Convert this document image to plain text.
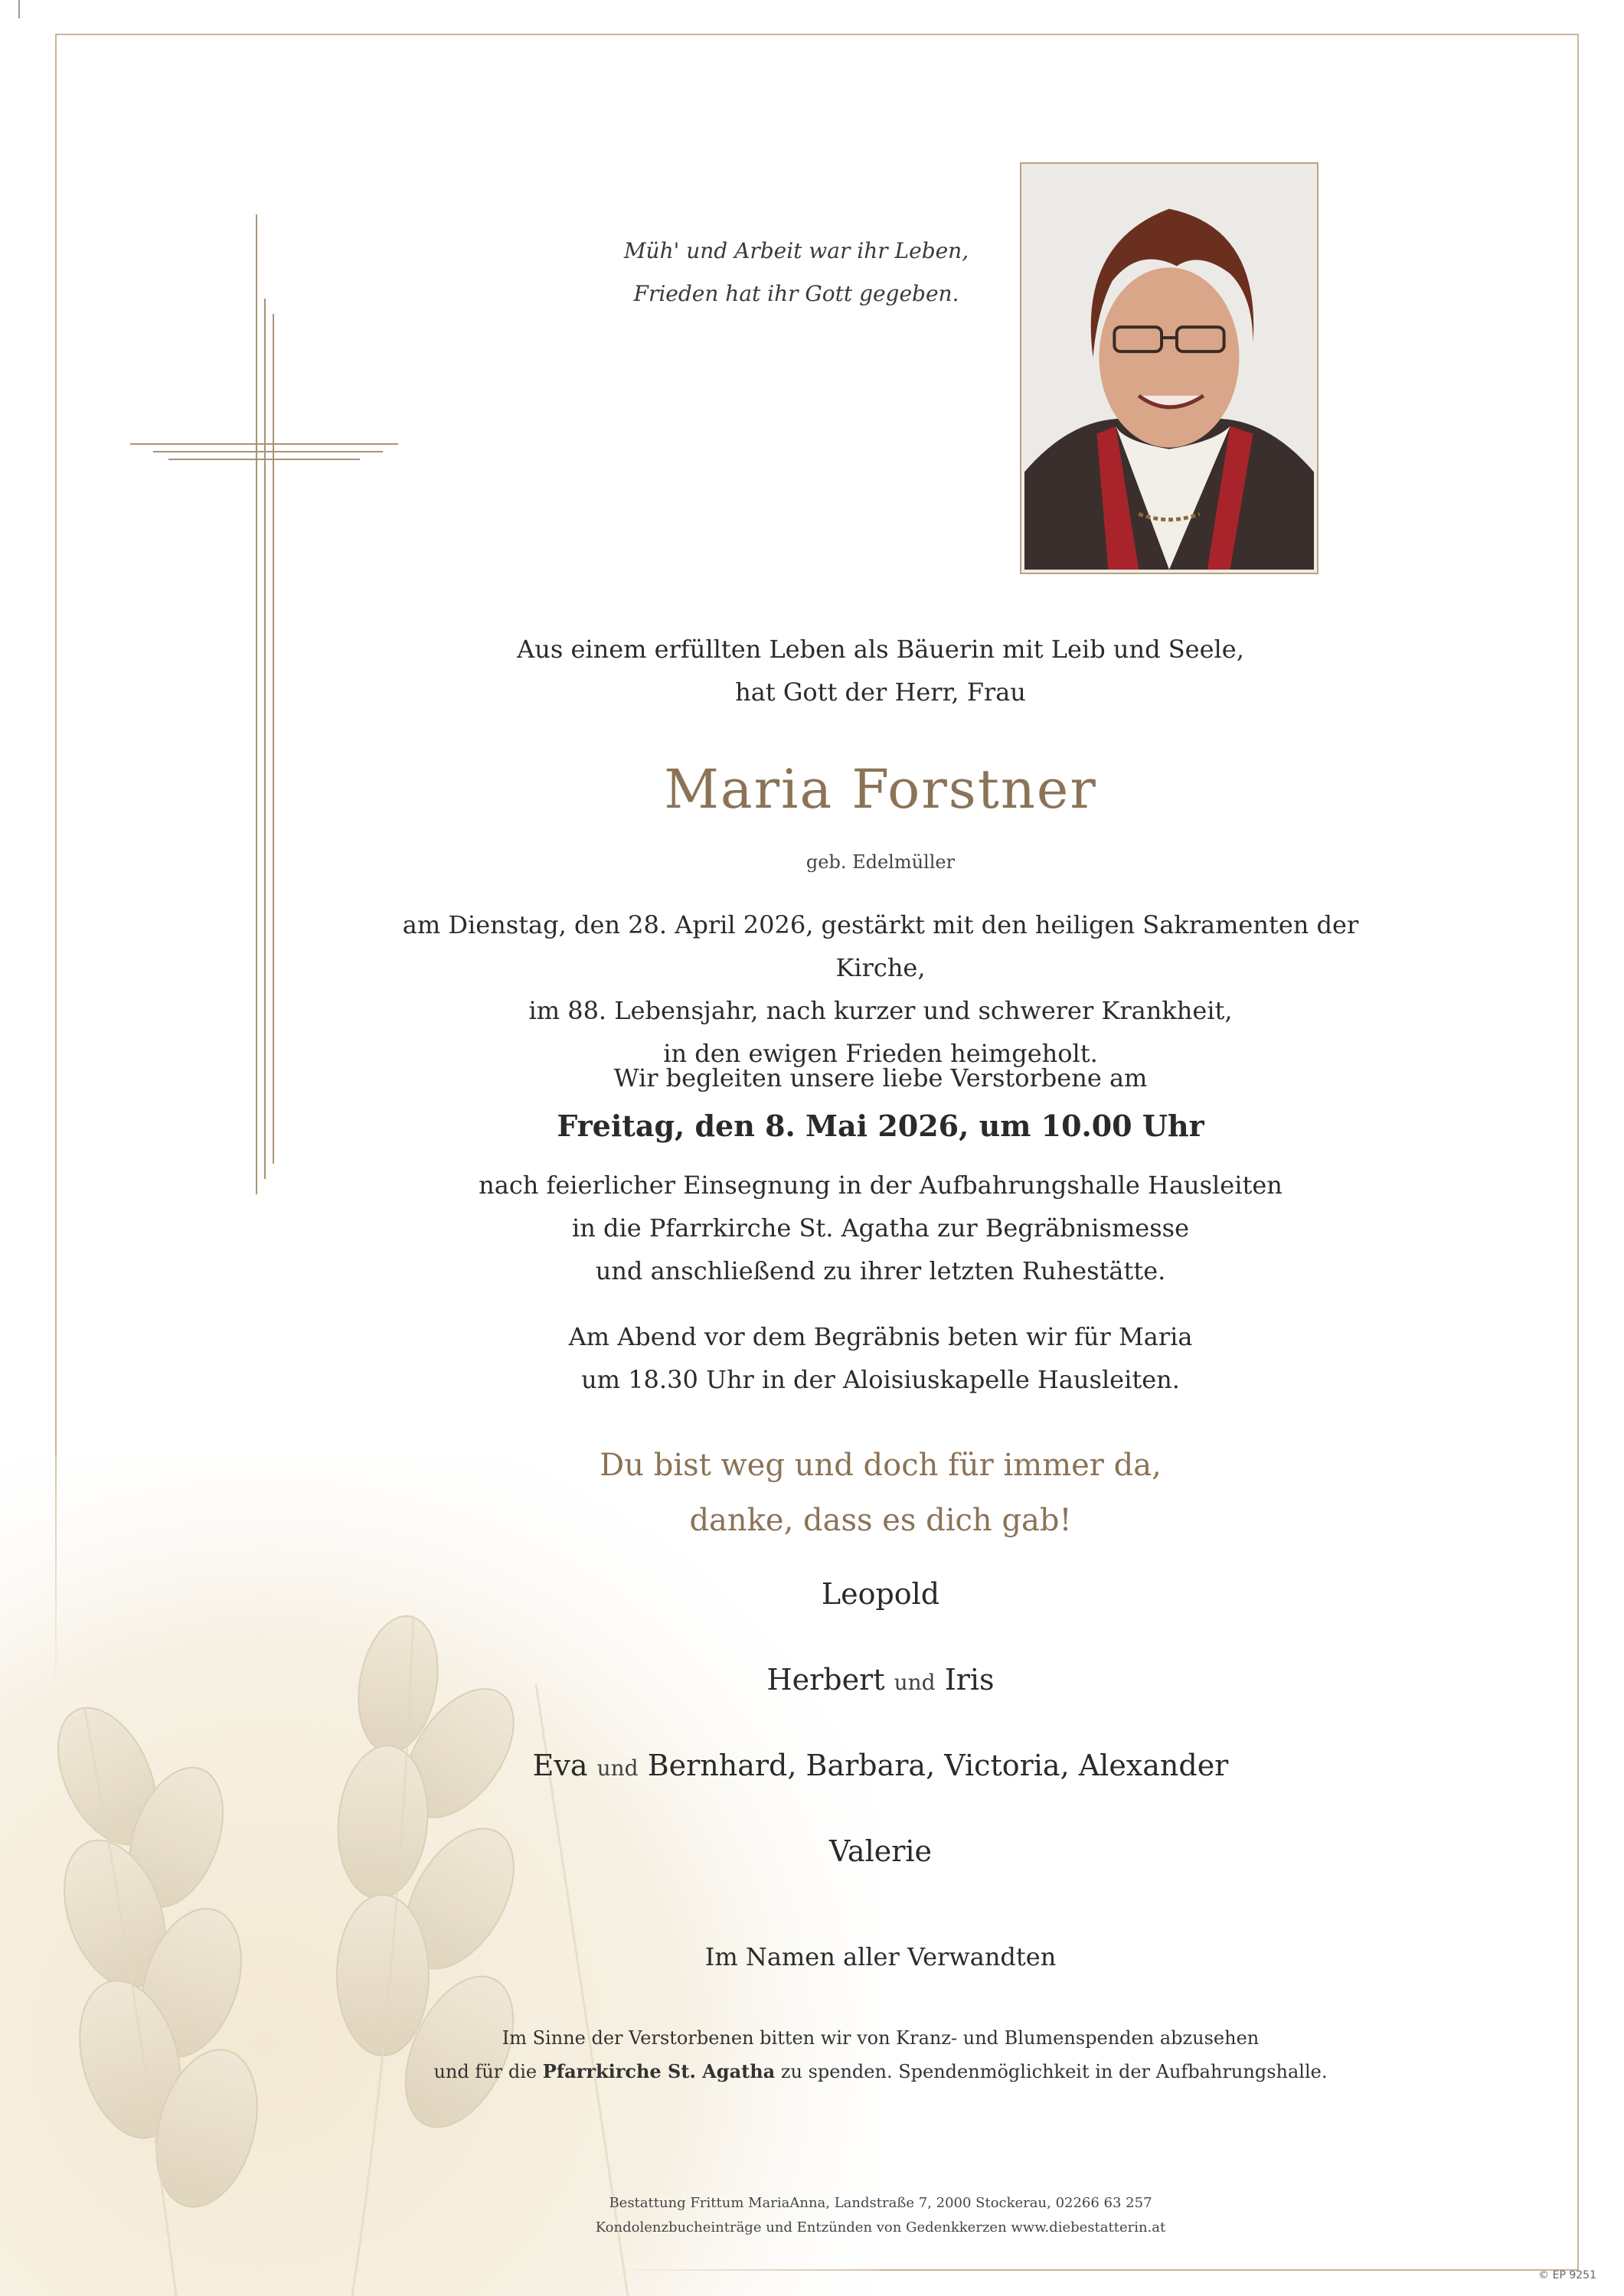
Müh' und Arbeit war ihr Leben,
Frieden hat ihr Gott gegeben.

Aus einem erfüllten Leben als Bäuerin mit Leib und Seele,
hat Gott der Herr, Frau

Maria Forstner

geb. Edelmüller

am Dienstag, den 28. April 2026, gestärkt mit den heiligen Sakramenten der Kirche,
im 88. Lebensjahr, nach kurzer und schwerer Krankheit,
in den ewigen Frieden heimgeholt.

Wir begleiten unsere liebe Verstorbene am

Freitag, den 8. Mai 2026, um 10.00 Uhr

nach feierlicher Einsegnung in der Aufbahrungshalle Hausleiten
in die Pfarrkirche St. Agatha zur Begräbnismesse
und anschließend zu ihrer letzten Ruhestätte.

Am Abend vor dem Begräbnis beten wir für Maria
um 18.30 Uhr in der Aloisiuskapelle Hausleiten.

Du bist weg und doch für immer da,
danke, dass es dich gab!

Leopold

Herbert und Iris

Eva und Bernhard, Barbara, Victoria, Alexander

Valerie

Im Namen aller Verwandten

Im Sinne der Verstorbenen bitten wir von Kranz- und Blumenspenden abzusehen
und für die Pfarrkirche St. Agatha zu spenden. Spendenmöglichkeit in der Aufbahrungshalle.

Bestattung Frittum MariaAnna, Landstraße 7, 2000 Stockerau, 02266 63 257
Kondolenzbucheinträge und Entzünden von Gedenkkerzen www.diebestatterin.at

© EP 9251
